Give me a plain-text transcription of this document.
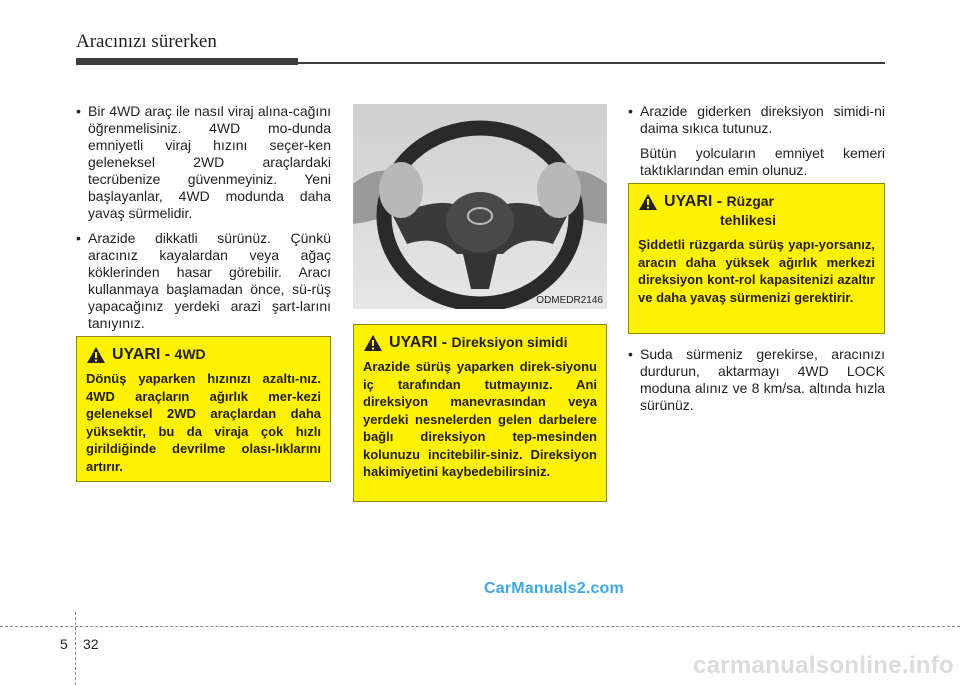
Aracınızı sürerken

• Bir 4WD araç ile nasıl viraj alına-cağını öğrenmelisiniz. 4WD mo-dunda emniyetli viraj hızını seçer-ken geleneksel 2WD araçlardaki tecrübenize güvenmeyiniz. Yeni başlayanlar, 4WD modunda daha yavaş sürmelidir.

• Arazide dikkatli sürünüz. Çünkü aracınız kayalardan veya ağaç köklerinden hasar görebilir. Aracı kullanmaya başlamadan önce, sü-rüş yapacağınız yerdeki arazi şart-larını tanıyınız.

UYARI - 4WD
Dönüş yaparken hızınızı azaltı-nız. 4WD araçların ağırlık mer-kezi geleneksel 2WD araçlardan daha yüksektir, bu da viraja çok hızlı girildiğinde devrilme olası-lıklarını artırır.
ODMEDR2146
UYARI - Direksiyon simidi
Arazide sürüş yaparken direk-siyonu iç tarafından tutmayınız. Ani direksiyon manevrasından veya yerdeki nesnelerden gelen darbelere bağlı direksiyon tep-mesinden kolunuzu incitebilir-siniz. Direksiyon hakimiyetini kaybedebilirsiniz.

• Arazide giderken direksiyon simidi-ni daima sıkıca tutunuz.

Bütün yolcuların emniyet kemeri taktıklarından emin olunuz.

UYARI - Rüzgar
tehlikesi
Şiddetli rüzgarda sürüş yapı-yorsanız, aracın daha yüksek ağırlık merkezi direksiyon kont-rol kapasitenizi azaltır ve daha yavaş sürmenizi gerektirir.

• Suda sürmeniz gerekirse, aracınızı durdurun, aktarmayı 4WD LOCK moduna alınız ve 8 km/sa. altında hızla sürünüz.

CarManuals2.com
5 32
carmanualsonline.info
